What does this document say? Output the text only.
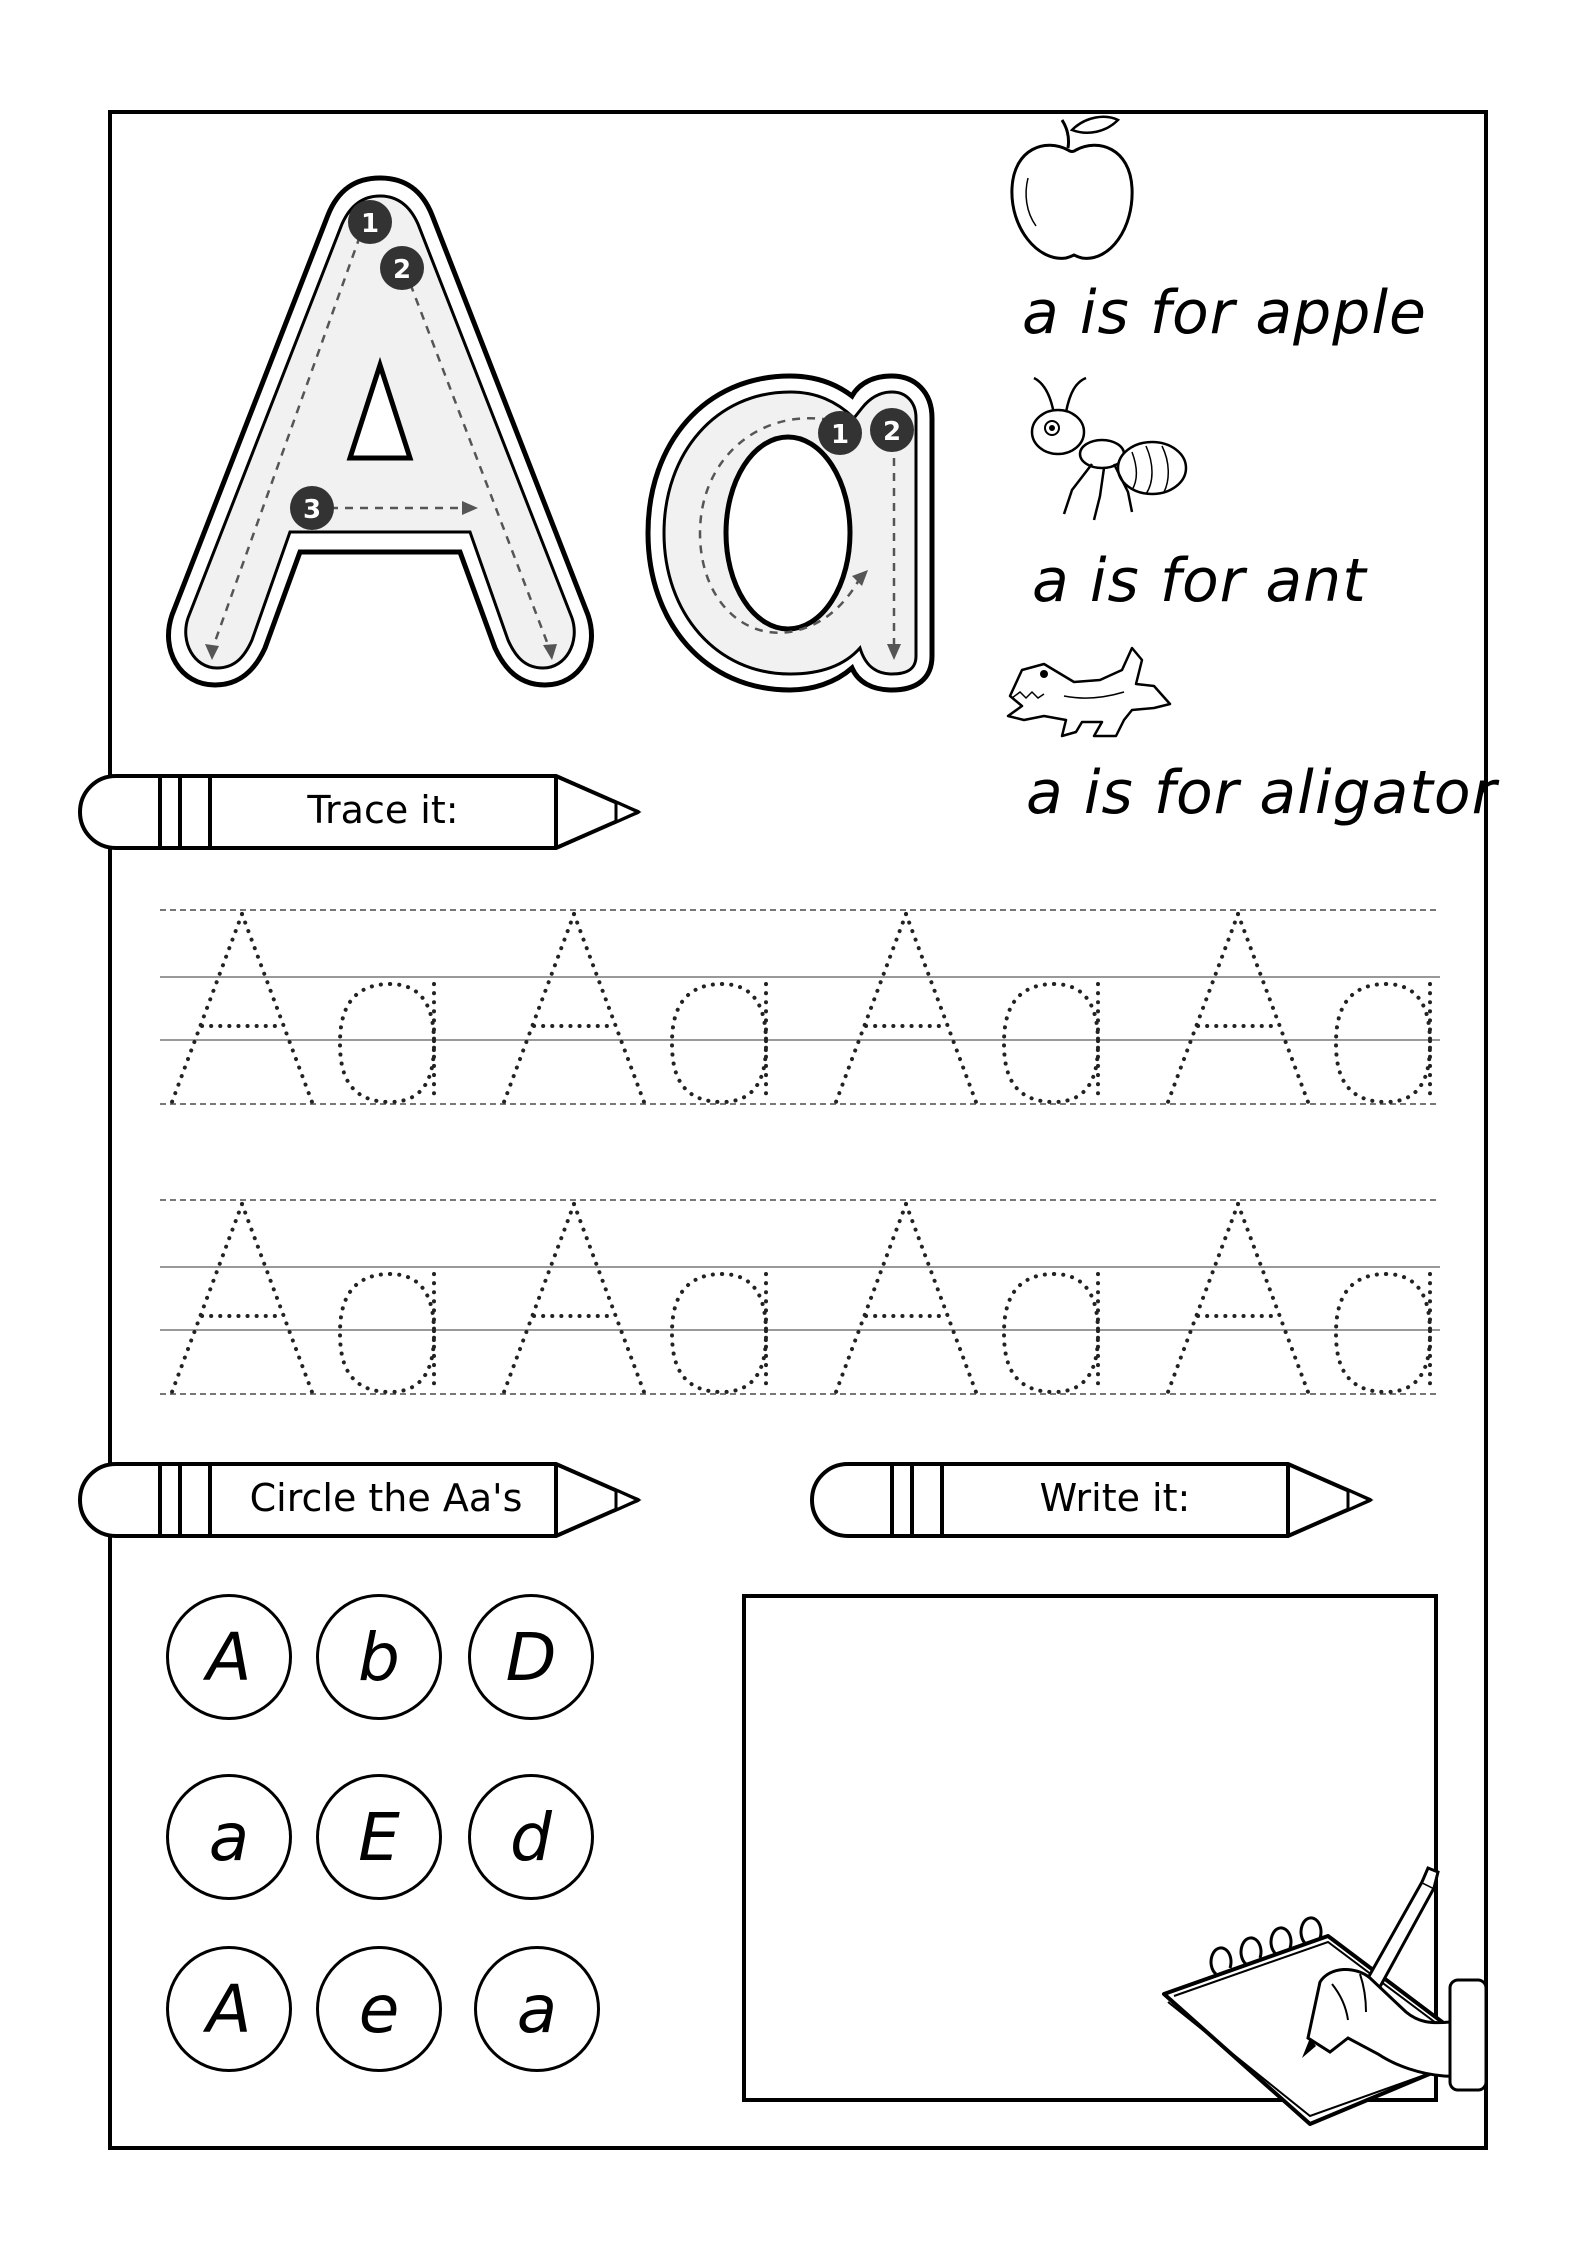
1
2
3
1 2
a is for apple
a is for ant
a is for aligator
Trace it:
Circle the Aa's	Write it:
A	b	D
a	E	d
A	e	a
